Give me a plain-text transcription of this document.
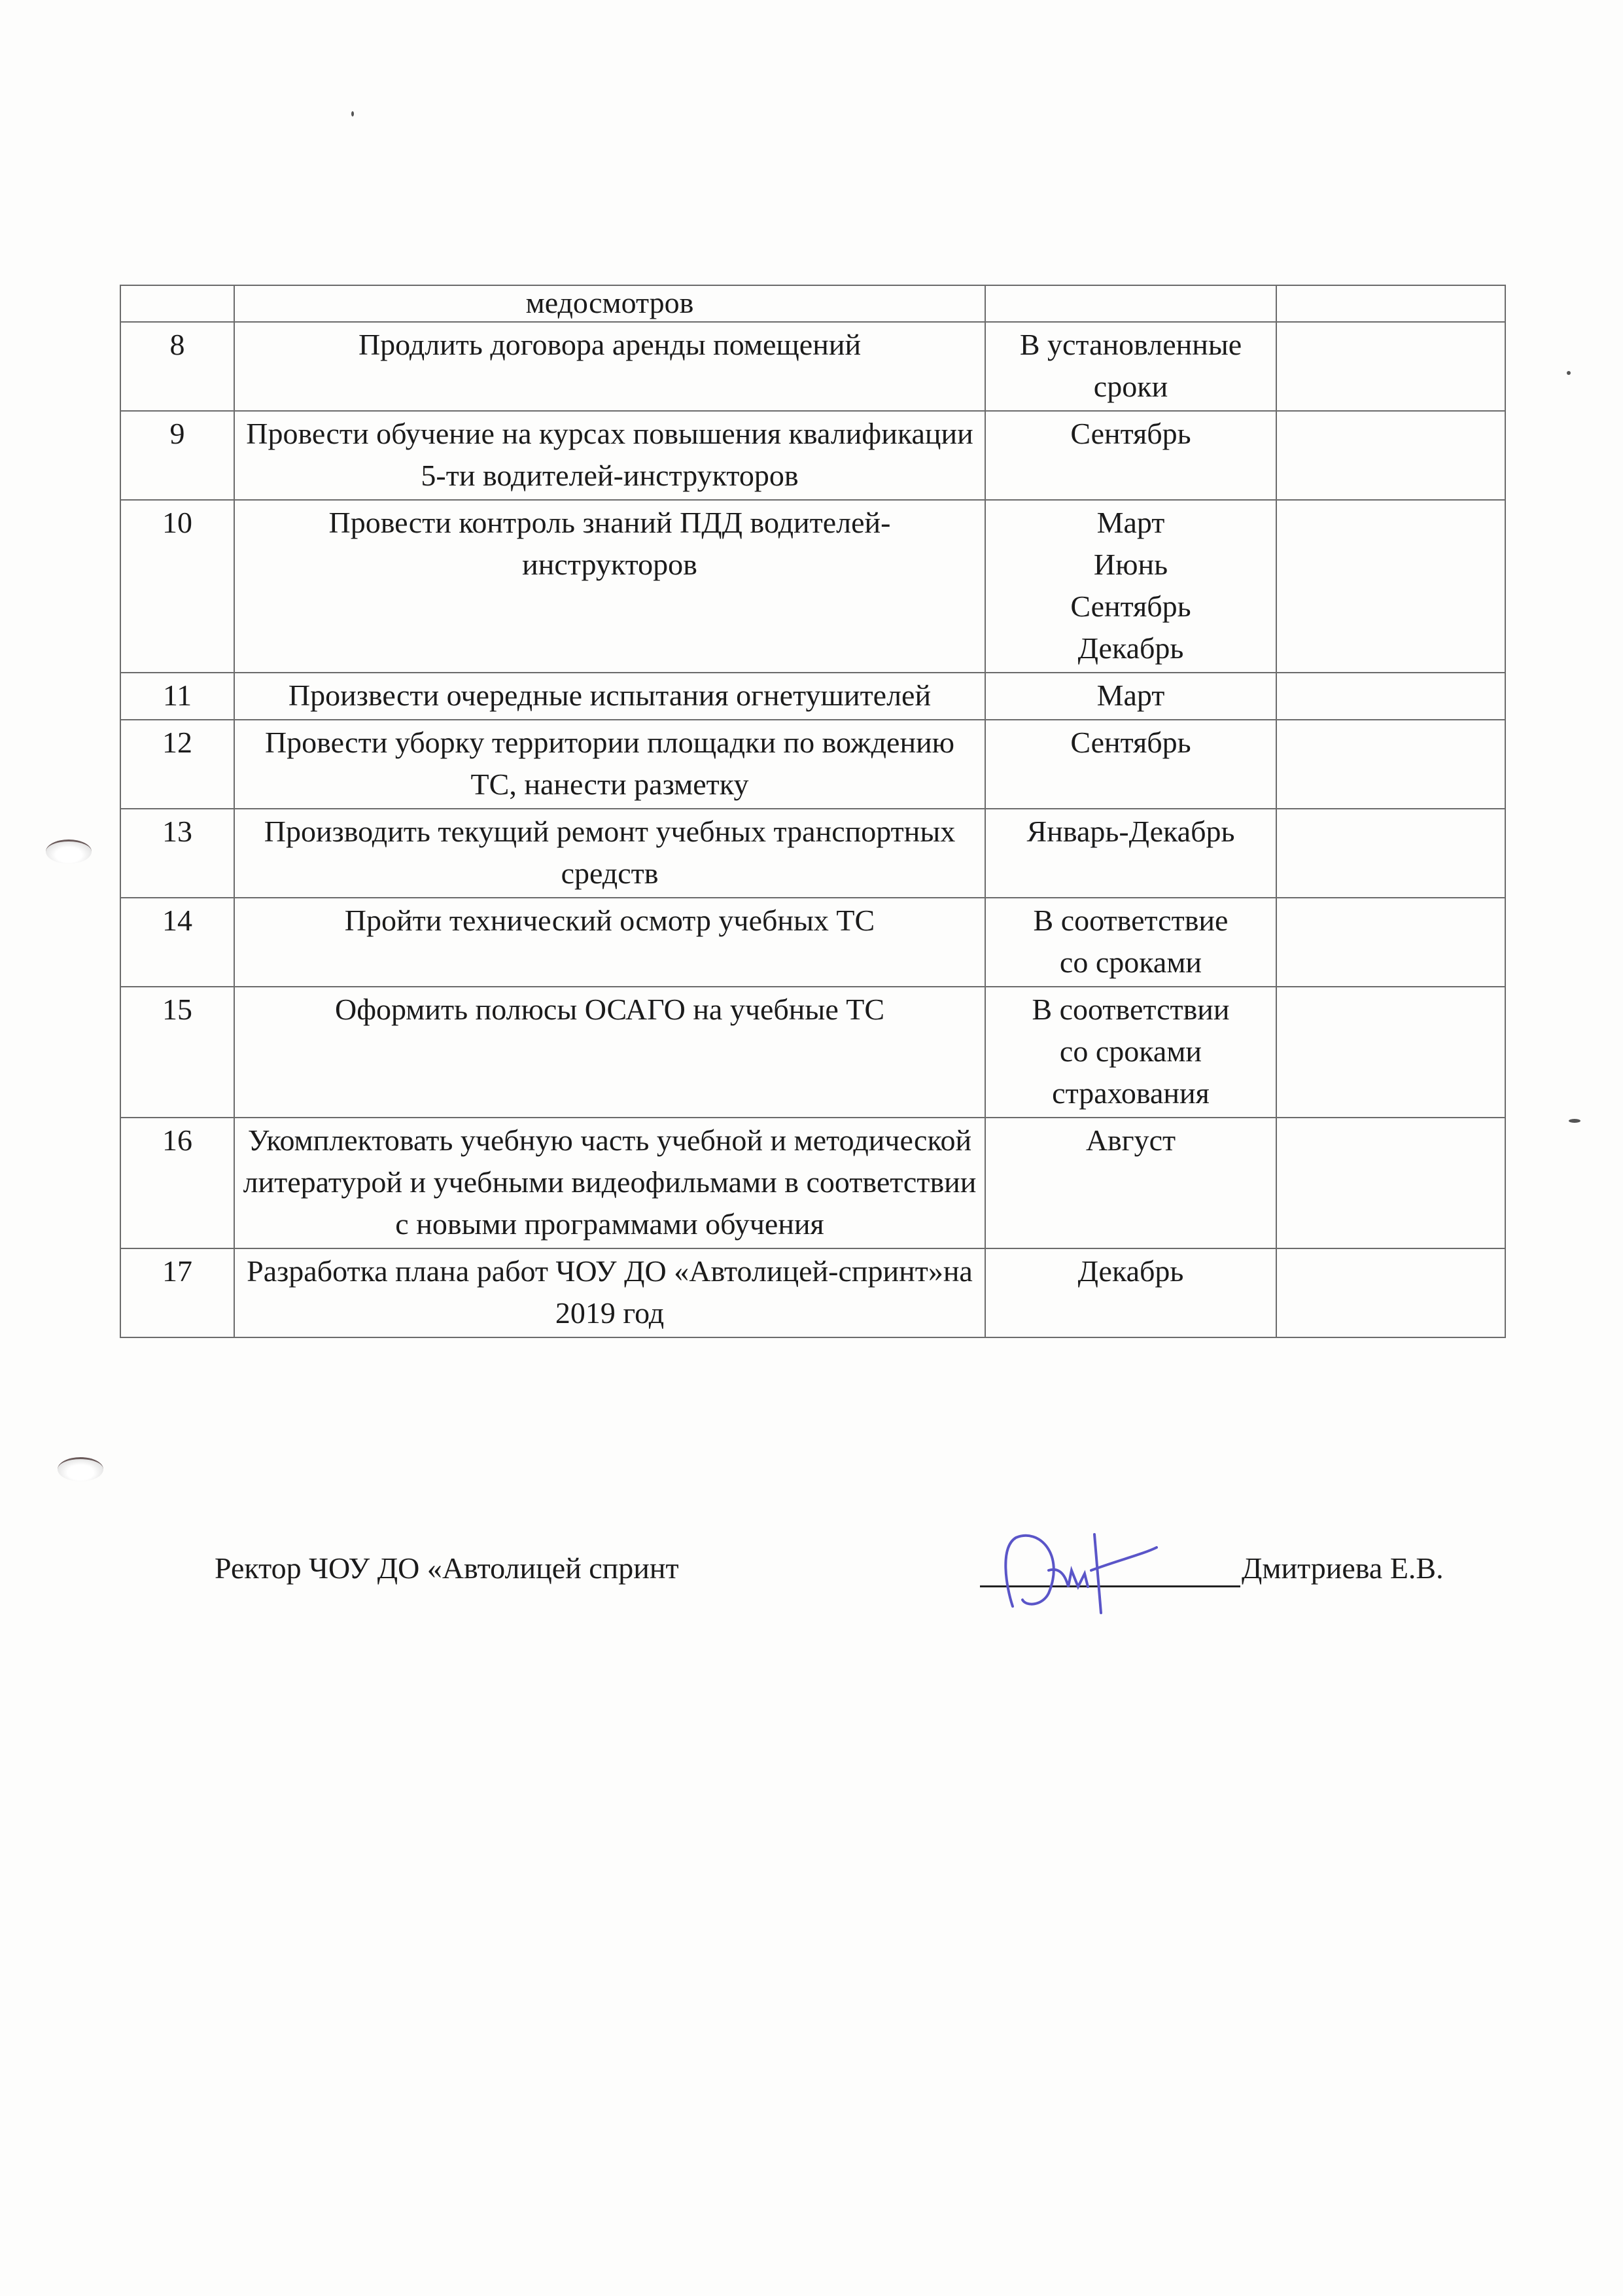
	медосмотров		
8	Продлить договора аренды помещений	В установленные
сроки	

9	Провести обучение на курсах повышения квалификации 5-ти водителей-инструкторов	Сентябрь	

10	Провести контроль знаний ПДД водителей-инструкторов	Март
Июнь
Сентябрь
Декабрь	

11	Произвести очередные испытания огнетушителей	Март	

12	Провести уборку территории площадки по вождению ТС, нанести разметку	Сентябрь	

13	Производить текущий ремонт учебных транспортных средств	Январь-Декабрь	

14	Пройти технический осмотр учебных ТС	В соответствие
со сроками	

15	Оформить полюсы ОСАГО на учебные ТС	В соответствии
со сроками
страхования	

16	Укомплектовать учебную часть учебной и методической литературой и учебными видеофильмами в соответствии с новыми программами обучения	Август	

17	Разработка плана работ ЧОУ ДО «Автолицей-спринт»на 2019 год	Декабрь	

Ректор ЧОУ ДО «Автолицей спринт	Дмитриева Е.В.
